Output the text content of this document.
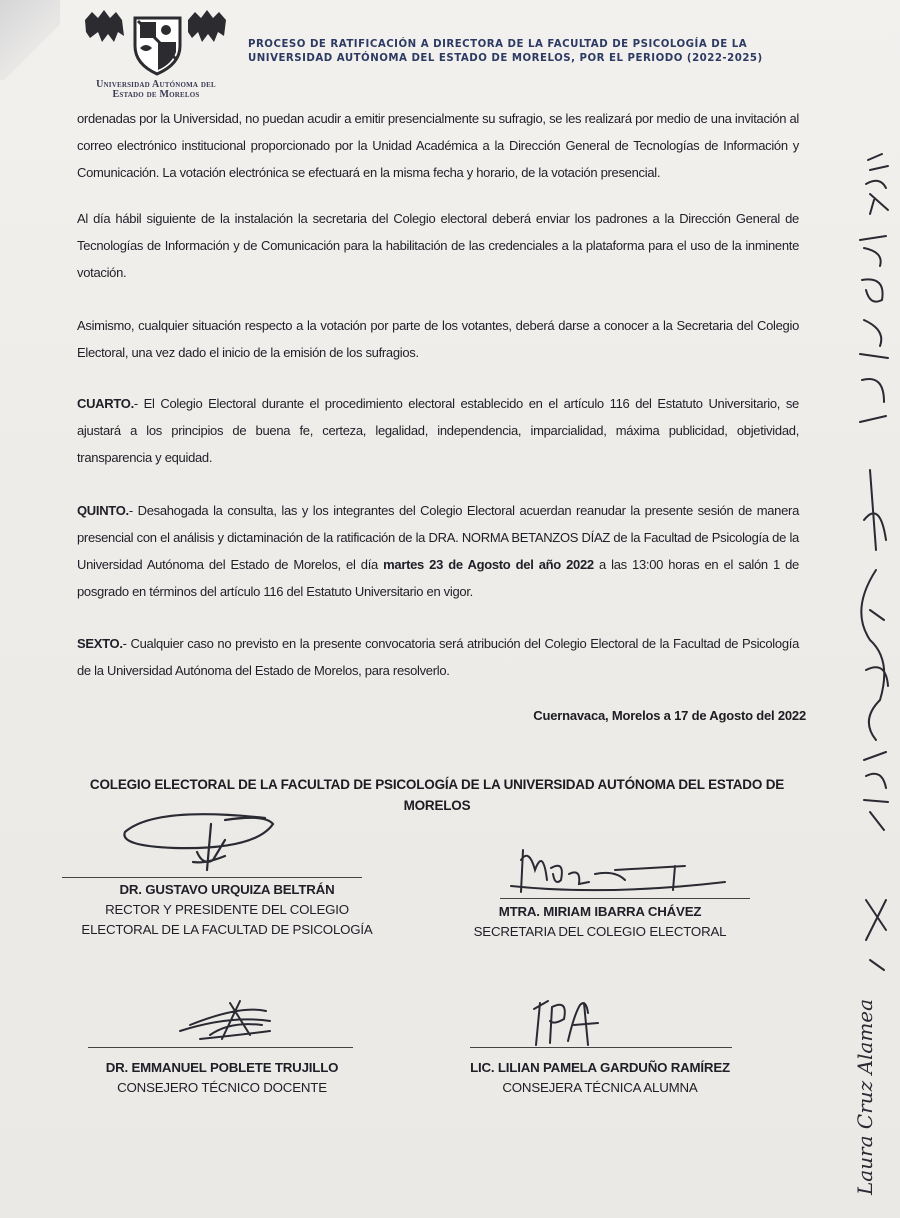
Universidad Autónoma del
Estado de Morelos
PROCESO DE RATIFICACIÓN A DIRECTORA DE LA FACULTAD DE PSICOLOGÍA DE LA
UNIVERSIDAD AUTÓNOMA DEL ESTADO DE MORELOS, POR EL PERIODO (2022-2025)
ordenadas por la Universidad, no puedan acudir a emitir presencialmente su sufragio, se les realizará por medio de una invitación al correo electrónico institucional proporcionado por la Unidad Académica a la Dirección General de Tecnologías de Información y Comunicación. La votación electrónica se efectuará en la misma fecha y horario, de la votación presencial.
Al día hábil siguiente de la instalación la secretaria del Colegio electoral deberá enviar los padrones a la Dirección General de Tecnologías de Información y de Comunicación para la habilitación de las credenciales a la plataforma para el uso de la inminente votación.
Asimismo, cualquier situación respecto a la votación por parte de los votantes, deberá darse a conocer a la Secretaria del Colegio Electoral, una vez dado el inicio de la emisión de los sufragios.
CUARTO.- El Colegio Electoral durante el procedimiento electoral establecido en el artículo 116 del Estatuto Universitario, se ajustará a los principios de buena fe, certeza, legalidad, independencia, imparcialidad, máxima publicidad, objetividad, transparencia y equidad.
QUINTO.- Desahogada la consulta, las y los integrantes del Colegio Electoral acuerdan reanudar la presente sesión de manera presencial con el análisis y dictaminación de la ratificación de la DRA. NORMA BETANZOS DÍAZ de la Facultad de Psicología de la Universidad Autónoma del Estado de Morelos, el día martes 23 de Agosto del año 2022 a las 13:00 horas en el salón 1 de posgrado en términos del artículo 116 del Estatuto Universitario en vigor.
SEXTO.- Cualquier caso no previsto en la presente convocatoria será atribución del Colegio Electoral de la Facultad de Psicología de la Universidad Autónoma del Estado de Morelos, para resolverlo.
Cuernavaca, Morelos a 17 de Agosto del 2022
COLEGIO ELECTORAL DE LA FACULTAD DE PSICOLOGÍA DE LA UNIVERSIDAD AUTÓNOMA DEL ESTADO DE
MORELOS
DR. GUSTAVO URQUIZA BELTRÁN
RECTOR Y PRESIDENTE DEL COLEGIO
ELECTORAL DE LA FACULTAD DE PSICOLOGÍA
MTRA. MIRIAM IBARRA CHÁVEZ
SECRETARIA DEL COLEGIO ELECTORAL
DR. EMMANUEL POBLETE TRUJILLO
CONSEJERO TÉCNICO DOCENTE
LIC. LILIAN PAMELA GARDUÑO RAMÍREZ
CONSEJERA TÉCNICA ALUMNA	Laura Cruz Alamea
